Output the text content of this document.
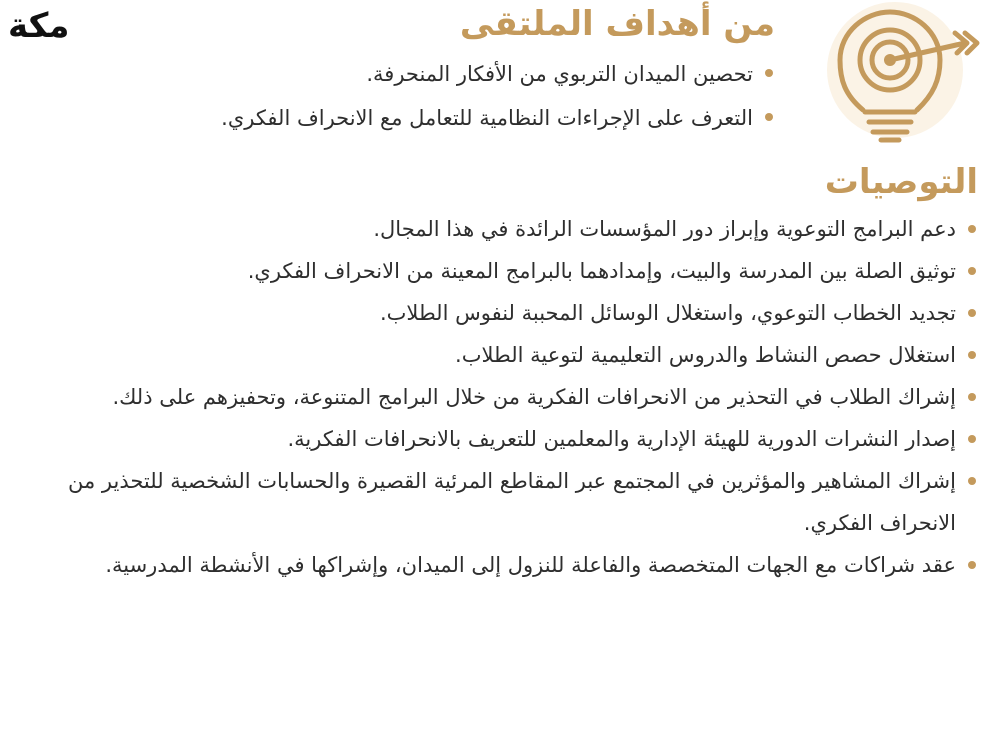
مكة	من أهداف الملتقى
تحصين الميدان التربوي من الأفكار المنحرفة.
التعرف على الإجراءات النظامية للتعامل مع الانحراف الفكري.
التوصيات
دعم البرامج التوعوية وإبراز دور المؤسسات الرائدة في هذا المجال.
توثيق الصلة بين المدرسة والبيت، وإمدادهما بالبرامج المعينة من الانحراف الفكري.
تجديد الخطاب التوعوي، واستغلال الوسائل المحببة لنفوس الطلاب.
استغلال حصص النشاط والدروس التعليمية لتوعية الطلاب.
إشراك الطلاب في التحذير من الانحرافات الفكرية من خلال البرامج المتنوعة، وتحفيزهم على ذلك.
إصدار النشرات الدورية للهيئة الإدارية والمعلمين للتعريف بالانحرافات الفكرية.
إشراك المشاهير والمؤثرين في المجتمع عبر المقاطع المرئية القصيرة والحسابات الشخصية للتحذير من الانحراف الفكري.
عقد شراكات مع الجهات المتخصصة والفاعلة للنزول إلى الميدان، وإشراكها في الأنشطة المدرسية.
